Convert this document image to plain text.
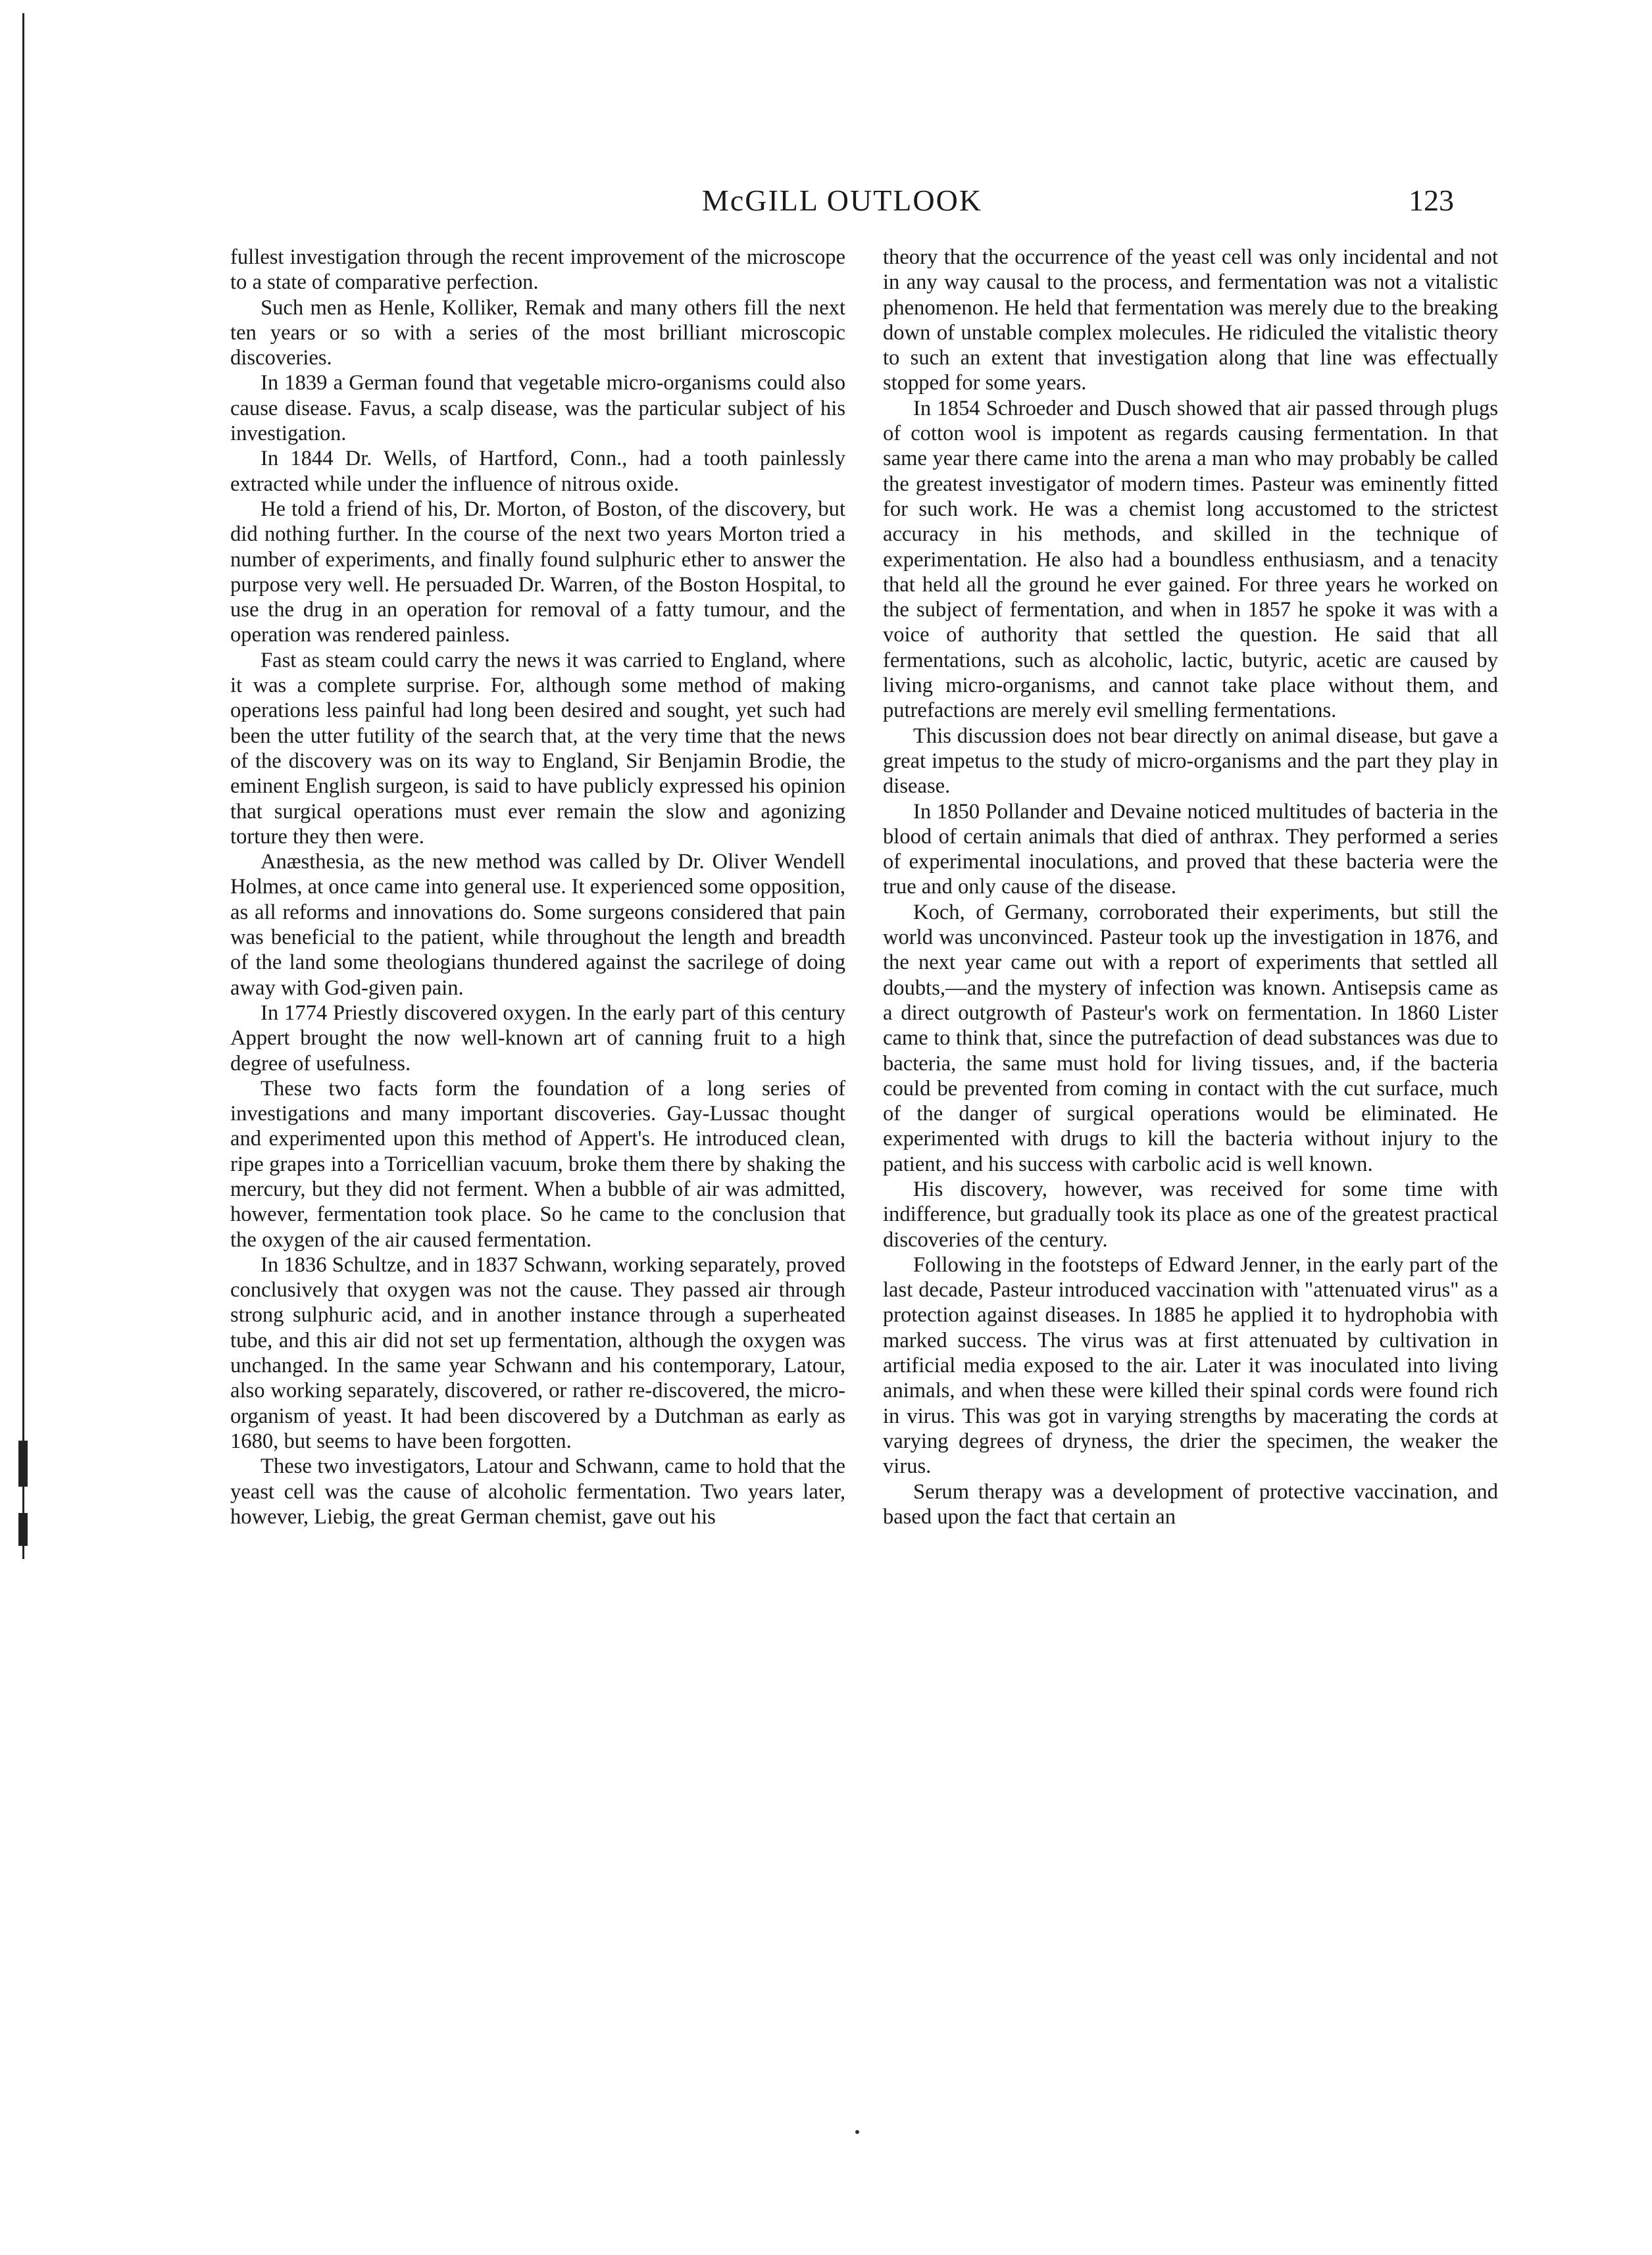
McGILL OUTLOOK	123

fullest investigation through the recent improvement of the microscope to a state of comparative perfection.

Such men as Henle, Kolliker, Remak and many others fill the next ten years or so with a series of the most brilliant microscopic discoveries.

In 1839 a German found that vegetable micro-organisms could also cause disease. Favus, a scalp disease, was the particular subject of his investigation.

In 1844 Dr. Wells, of Hartford, Conn., had a tooth painlessly extracted while under the influence of nitrous oxide.

He told a friend of his, Dr. Morton, of Boston, of the discovery, but did nothing further. In the course of the next two years Morton tried a number of experiments, and finally found sulphuric ether to answer the purpose very well. He persuaded Dr. Warren, of the Boston Hospital, to use the drug in an operation for removal of a fatty tumour, and the operation was rendered painless.

Fast as steam could carry the news it was carried to England, where it was a complete surprise. For, although some method of making operations less painful had long been desired and sought, yet such had been the utter futility of the search that, at the very time that the news of the discovery was on its way to England, Sir Benjamin Brodie, the eminent English surgeon, is said to have publicly expressed his opinion that surgical operations must ever remain the slow and agonizing torture they then were.

Anæsthesia, as the new method was called by Dr. Oliver Wendell Holmes, at once came into general use. It experienced some opposition, as all reforms and innovations do. Some surgeons considered that pain was beneficial to the patient, while throughout the length and breadth of the land some theologians thundered against the sacrilege of doing away with God-given pain.

In 1774 Priestly discovered oxygen. In the early part of this century Appert brought the now well-known art of canning fruit to a high degree of usefulness.

These two facts form the foundation of a long series of investigations and many important discoveries. Gay-Lussac thought and experimented upon this method of Appert's. He introduced clean, ripe grapes into a Torricellian vacuum, broke them there by shaking the mercury, but they did not ferment. When a bubble of air was admitted, however, fermentation took place. So he came to the conclusion that the oxygen of the air caused fermentation.

In 1836 Schultze, and in 1837 Schwann, working separately, proved conclusively that oxygen was not the cause. They passed air through strong sulphuric acid, and in another instance through a superheated tube, and this air did not set up fermentation, although the oxygen was unchanged. In the same year Schwann and his contemporary, Latour, also working separately, discovered, or rather re-discovered, the micro-organism of yeast. It had been discovered by a Dutchman as early as 1680, but seems to have been forgotten.

These two investigators, Latour and Schwann, came to hold that the yeast cell was the cause of alcoholic fermentation. Two years later, however, Liebig, the great German chemist, gave out his

theory that the occurrence of the yeast cell was only incidental and not in any way causal to the process, and fermentation was not a vitalistic phenomenon. He held that fermentation was merely due to the breaking down of unstable complex molecules. He ridiculed the vitalistic theory to such an extent that investigation along that line was effectually stopped for some years.

In 1854 Schroeder and Dusch showed that air passed through plugs of cotton wool is impotent as regards causing fermentation. In that same year there came into the arena a man who may probably be called the greatest investigator of modern times. Pasteur was eminently fitted for such work. He was a chemist long accustomed to the strictest accuracy in his methods, and skilled in the technique of experimentation. He also had a boundless enthusiasm, and a tenacity that held all the ground he ever gained. For three years he worked on the subject of fermentation, and when in 1857 he spoke it was with a voice of authority that settled the question. He said that all fermentations, such as alcoholic, lactic, butyric, acetic are caused by living micro-organisms, and cannot take place without them, and putrefactions are merely evil smelling fermentations.

This discussion does not bear directly on animal disease, but gave a great impetus to the study of micro-organisms and the part they play in disease.

In 1850 Pollander and Devaine noticed multitudes of bacteria in the blood of certain animals that died of anthrax. They performed a series of experimental inoculations, and proved that these bacteria were the true and only cause of the disease.

Koch, of Germany, corroborated their experiments, but still the world was unconvinced. Pasteur took up the investigation in 1876, and the next year came out with a report of experiments that settled all doubts,—and the mystery of infection was known. Antisepsis came as a direct outgrowth of Pasteur's work on fermentation. In 1860 Lister came to think that, since the putrefaction of dead substances was due to bacteria, the same must hold for living tissues, and, if the bacteria could be prevented from coming in contact with the cut surface, much of the danger of surgical operations would be eliminated. He experimented with drugs to kill the bacteria without injury to the patient, and his success with carbolic acid is well known.

His discovery, however, was received for some time with indifference, but gradually took its place as one of the greatest practical discoveries of the century.

Following in the footsteps of Edward Jenner, in the early part of the last decade, Pasteur introduced vaccination with "attenuated virus" as a protection against diseases. In 1885 he applied it to hydrophobia with marked success. The virus was at first attenuated by cultivation in artificial media exposed to the air. Later it was inoculated into living animals, and when these were killed their spinal cords were found rich in virus. This was got in varying strengths by macerating the cords at varying degrees of dryness, the drier the specimen, the weaker the virus.

Serum therapy was a development of protective vaccination, and based upon the fact that certain an
